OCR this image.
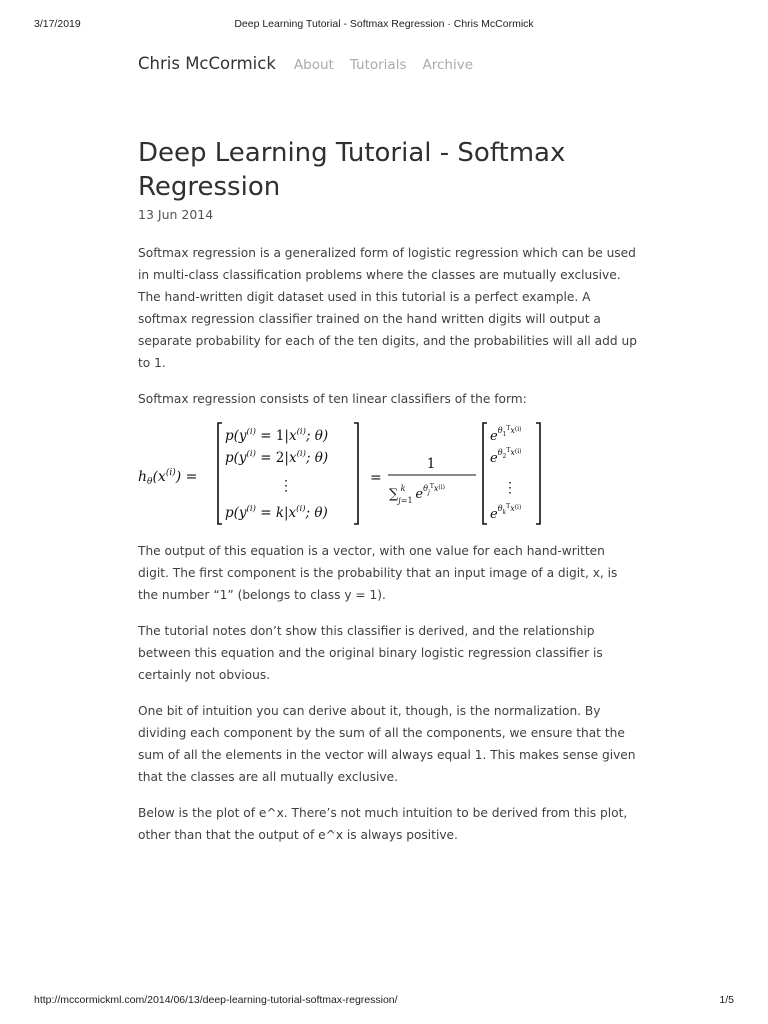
3/17/2019	Deep Learning Tutorial - Softmax Regression · Chris McCormick
Chris McCormick About Tutorials Archive
Deep Learning Tutorial - Softmax Regression
13 Jun 2014

Softmax regression is a generalized form of logistic regression which can be used in multi-class classification problems where the classes are mutually exclusive. The hand-written digit dataset used in this tutorial is a perfect example. A softmax regression classifier trained on the hand written digits will output a separate probability for each of the ten digits, and the probabilities will all add up to 1.

Softmax regression consists of ten linear classifiers of the form:

$h_\theta(x^{(i)})$ =
$p(y^{(i)} = 1|x^{(i)}$; θ)
$p(y^{(i)} = 2|x^{(i)}$; θ)
⋮
$p(y^{(i)} = k|x^{(i)}$; θ)
=
1
$\sum_j=1k$ $e^\theta_j^T_x(i)$
$e^\theta_1^T_x(i)$
$e^\theta_2^T_x(i)$
⋮
$e^\theta_k^T_x(i)$

The output of this equation is a vector, with one value for each hand-written digit. The first component is the probability that an input image of a digit, x, is the number “1” (belongs to class y = 1).

The tutorial notes don’t show this classifier is derived, and the relationship between this equation and the original binary logistic regression classifier is certainly not obvious.

One bit of intuition you can derive about it, though, is the normalization. By dividing each component by the sum of all the components, we ensure that the sum of all the elements in the vector will always equal 1. This makes sense given that the classes are all mutually exclusive.

Below is the plot of e^x. There’s not much intuition to be derived from this plot, other than that the output of e^x is always positive.

http://mccormickml.com/2014/06/13/deep-learning-tutorial-softmax-regression/	1/5
